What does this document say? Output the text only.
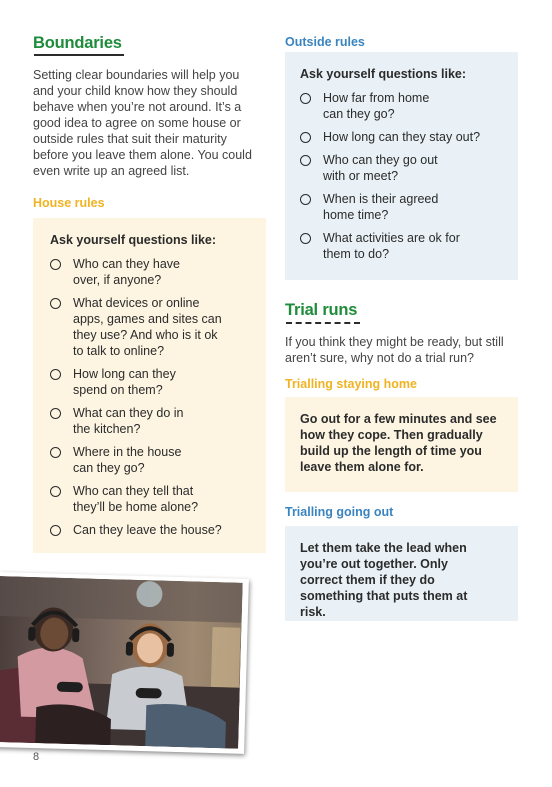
Boundaries
Setting clear boundaries will help you and your child know how they should behave when you’re not around. It’s a good idea to agree on some house or outside rules that suit their maturity before you leave them alone. You could even write up an agreed list.
House rules
Ask yourself questions like:
Who can they have over, if anyone?
What devices or online apps, games and sites can they use? And who is it ok to talk to online?
How long can they spend on them?
What can they do in the kitchen?
Where in the house can they go?
Who can they tell that they’ll be home alone?
Can they leave the house?
8
Outside rules
Ask yourself questions like:
How far from home can they go?
How long can they stay out?
Who can they go out with or meet?
When is their agreed home time?
What activities are ok for them to do?
Trial runs
If you think they might be ready, but still aren’t sure, why not do a trial run?
Trialling staying home
Go out for a few minutes and see how they cope. Then gradually build up the length of time you leave them alone for.
Trialling going out
Let them take the lead when you’re out together. Only correct them if they do something that puts them at risk.
